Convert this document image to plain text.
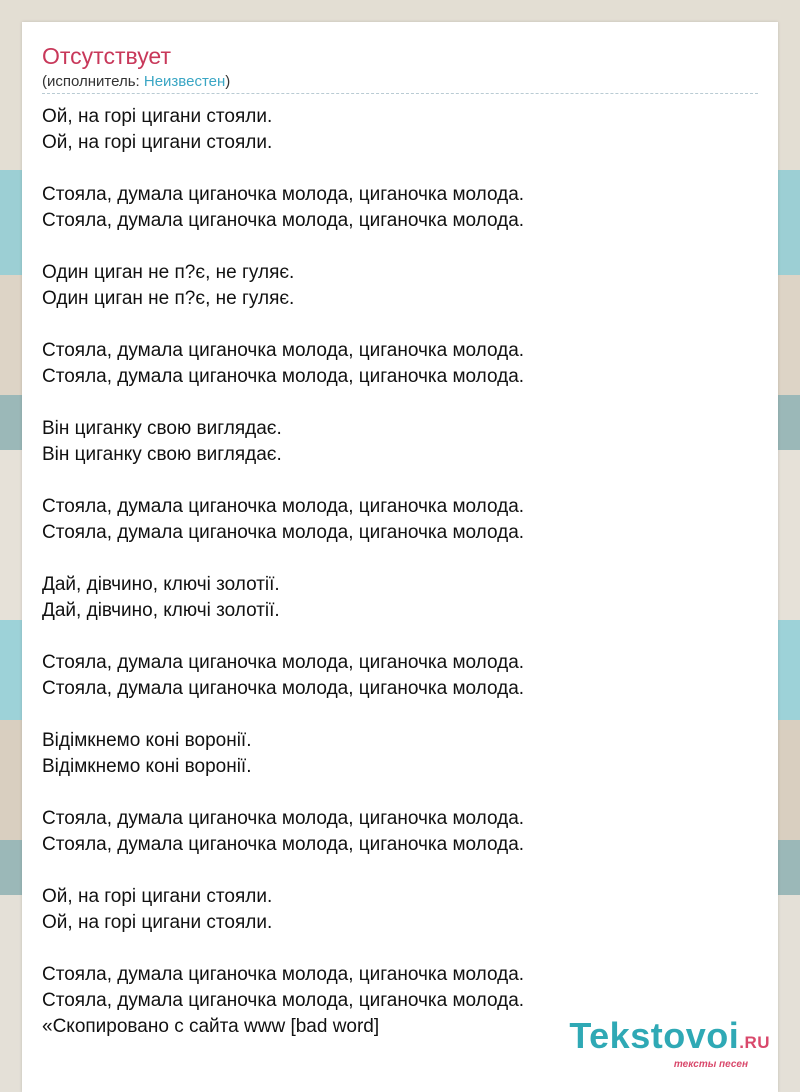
Отсутствует
(исполнитель: Неизвестен)
Ой, на горі цигани стояли.
Ой, на горі цигани стояли.
Стояла, думала циганочка молода, циганочка молода.
Стояла, думала циганочка молода, циганочка молода.
Один циган не п?є, не гуляє.
Один циган не п?є, не гуляє.
Стояла, думала циганочка молода, циганочка молода.
Стояла, думала циганочка молода, циганочка молода.
Він циганку свою виглядає.
Він циганку свою виглядає.
Стояла, думала циганочка молода, циганочка молода.
Стояла, думала циганочка молода, циганочка молода.
Дай, дівчино, ключі золотії.
Дай, дівчино, ключі золотії.
Стояла, думала циганочка молода, циганочка молода.
Стояла, думала циганочка молода, циганочка молода.
Відімкнемо коні воронії.
Відімкнемо коні воронії.
Стояла, думала циганочка молода, циганочка молода.
Стояла, думала циганочка молода, циганочка молода.
Ой, на горі цигани стояли.
Ой, на горі цигани стояли.
Стояла, думала циганочка молода, циганочка молода.
Стояла, думала циганочка молода, циганочка молода.
«Скопировано с сайта www [bad word]	Tekstovoi.RU
тексты песен
